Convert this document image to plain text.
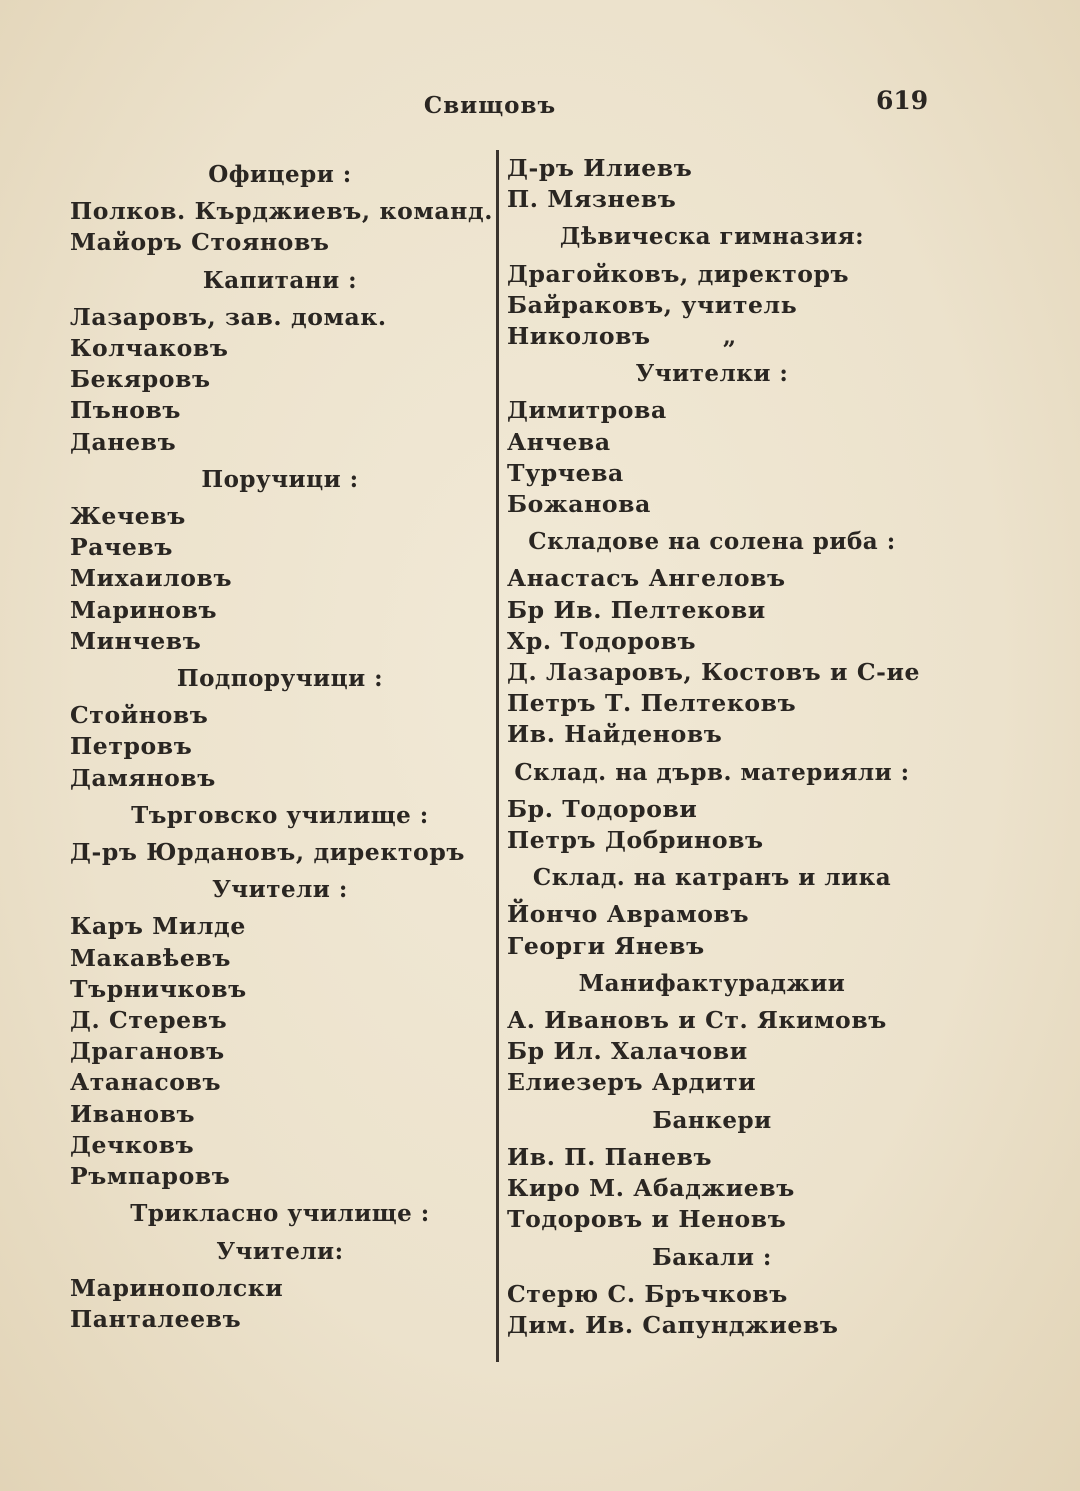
Свищовъ	619
Офицери :
Полков. Кърджиевъ, команд.
Майоръ Стояновъ
Капитани :
Лазаровъ, зав. домак.
Колчаковъ
Бекяровъ
Пъновъ
Даневъ
Поручици :
Жечевъ
Рачевъ
Михаиловъ
Мариновъ
Минчевъ
Подпоручици :
Стойновъ
Петровъ
Дамяновъ
Търговско училище :
Д-ръ Юрдановъ, директоръ
Учители :
Каръ Милде
Макавѣевъ
Търничковъ
Д. Стеревъ
Драгановъ
Атанасовъ
Ивановъ
Дечковъ
Ръмпаровъ
Трикласно училище :
Учители:
Маринополски
Панталеевъ
Д-ръ Илиевъ
П. Мязневъ
Дѣвическа гимназия:
Драгойковъ, директоръ
Байраковъ, учитель
Николовъ	„
Учителки :
Димитрова
Анчева
Турчева
Божанова
Складове на солена риба :
Анастасъ Ангеловъ
Бр Ив. Пелтекови
Хр. Тодоровъ
Д. Лазаровъ, Костовъ и С-ие
Петръ Т. Пелтековъ
Ив. Найденовъ
Склад. на дърв. материяли :
Бр. Тодорови
Петръ Добриновъ
Склад. на катранъ и лика
Йончо Аврамовъ
Георги Яневъ
Манифактураджии
А. Ивановъ и Ст. Якимовъ
Бр Ил. Халачови
Елиезеръ Ардити
Банкери
Ив. П. Паневъ
Киро М. Абаджиевъ
Тодоровъ и Неновъ
Бакали :
Стерю С. Бръчковъ
Дим. Ив. Сапунджиевъ
